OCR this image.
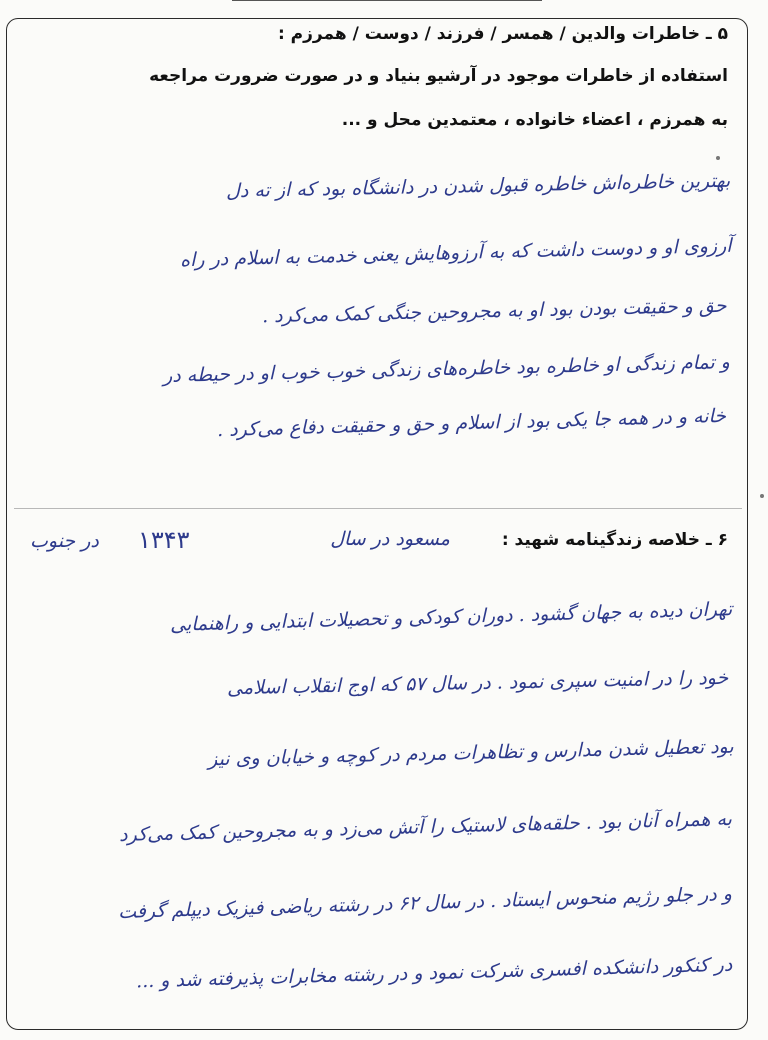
۵ ـ خاطرات والدین / همسر / فرزند / دوست / همرزم :
استفاده از خاطرات موجود در آرشیو بنیاد و در صورت ضرورت مراجعه
به همرزم ، اعضاء خانواده ، معتمدین محل و ...
بهترین خاطره‌اش خاطره قبول شدن در دانشگاه بود که از ته دل
آرزوی او و دوست داشت که به آرزوهایش یعنی خدمت به اسلام در راه
حق و حقیقت بودن بود او به مجروحین جنگی کمک می‌کرد .
و تمام زندگی او خاطره بود خاطره‌های زندگی خوب خوب او در حیطه در
خانه و در همه جا یکی بود از اسلام و حق و حقیقت دفاع می‌کرد .
۶ ـ خلاصه زندگینامه شهید :
مسعود در سال
۱۳۴۳
در جنوب
تهران دیده به جهان گشود . دوران کودکی و تحصیلات ابتدایی و راهنمایی
خود را در امنیت سپری نمود . در سال ۵۷ که اوج انقلاب اسلامی
بود تعطیل شدن مدارس و تظاهرات مردم در کوچه و خیابان وی نیز
به همراه آنان بود . حلقه‌های لاستیک را آتش می‌زد و به مجروحین کمک می‌کرد
و در جلو رژیم منحوس ایستاد . در سال ۶۲ در رشته ریاضی فیزیک دیپلم گرفت
در کنکور دانشکده افسری شرکت نمود و در رشته مخابرات پذیرفته شد و ...
